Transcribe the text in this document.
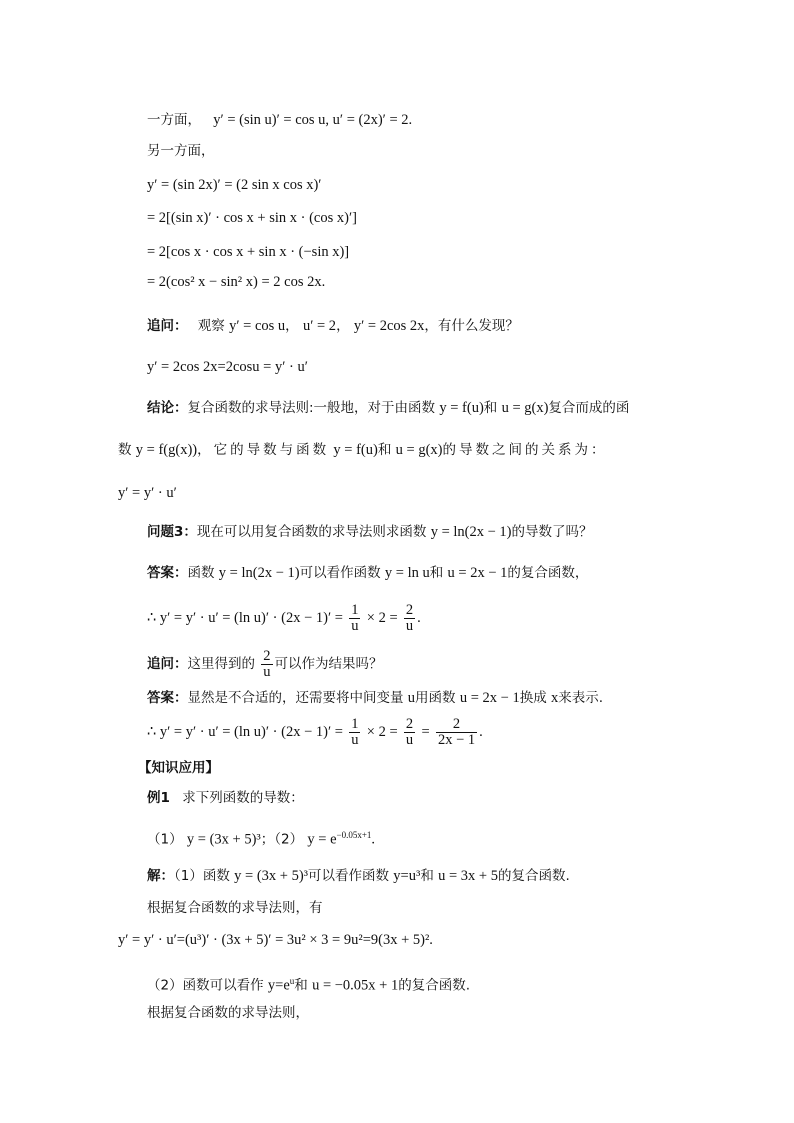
一方面， y′ = (sin u)′ = cos u, u′ = (2x)′ = 2.
另一方面，
y′ = (sin 2x)′ = (2 sin x cos x)′
= 2[(sin x)′ · cos x + sin x · (cos x)′]
= 2[cos x · cos x + sin x · (−sin x)]
= 2(cos² x − sin² x) = 2 cos 2x.
追问： 观察 y′ = cos u， u′ = 2， y′ = 2cos 2x，有什么发现？
y′ = 2cos 2x=2cosu = y′ · u′
结论：复合函数的求导法则:一般地，对于由函数 y = f(u)和 u = g(x)复合而成的函
数 y = f(g(x))，它的导数与函数 y = f(u)和 u = g(x)的导数之间的关系为：
y′ = y′ · u′
问题3：现在可以用复合函数的求导法则求函数 y = ln(2x − 1)的导数了吗？
答案：函数 y = ln(2x − 1)可以看作函数 y = ln u和 u = 2x − 1的复合函数，
∴ y′ = y′ · u′ = (ln $u)' \cdot (2x - 1)' = \frac{1}{u} \times 2 = \frac{2}{u}$ .
追问：这里得到的 $\frac{2}{u}$ 可以作为结果吗？
答案：显然是不合适的，还需要将中间变量 u用函数 u = 2x − 1换成 x来表示.
∴ y′ = y′ · u′ = (ln $u)' \cdot (2x - 1)' = \frac{1}{u} \times 2 = \frac{2}{u} = \frac{2}{2x - 1}$ .
【知识应用】
例1 求下列函数的导数：
（1） y = (3x + 5)³；（2） $y = e^{-0.05x+1}$.
解：（1）函数 y = (3x + 5)³可以看作函数 y=u³和 u = 3x + 5的复合函数.
根据复合函数的求导法则，有
y′ = y′ · u′=(u³)′ · (3x + 5)′ = 3u² × 3 = 9u²=9(3x + 5)².
（2）函数可以看作 $y=e^u$和 u = −0.05x + 1的复合函数.
根据复合函数的求导法则，
